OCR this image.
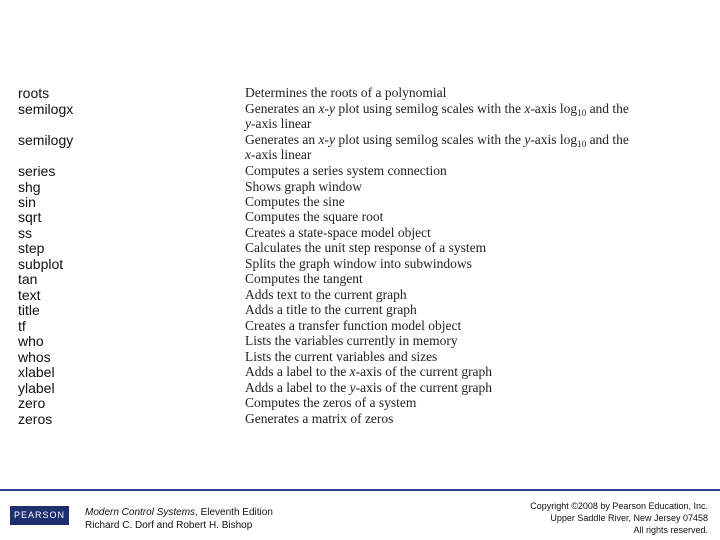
roots	Determines the roots of a polynomial
semilogx	Generates an x-y plot using semilog scales with the x-axis $\log_{10}$ and the
y-axis linear
semilogy	Generates an x-y plot using semilog scales with the y-axis $\log_{10}$ and the
x-axis linear
series	Computes a series system connection
shg	Shows graph window
sin	Computes the sine
sqrt	Computes the square root
ss	Creates a state-space model object
step	Calculates the unit step response of a system
subplot	Splits the graph window into subwindows
tan	Computes the tangent
text	Adds text to the current graph
title	Adds a title to the current graph
tf	Creates a transfer function model object
who	Lists the variables currently in memory
whos	Lists the current variables and sizes
xlabel	Adds a label to the x-axis of the current graph
ylabel	Adds a label to the y-axis of the current graph
zero	Computes the zeros of a system
zeros	Generates a matrix of zeros
PEARSON	Modern Control Systems, Eleventh Edition
Richard C. Dorf and Robert H. Bishop
Copyright ©2008 by Pearson Education, Inc.
Upper Saddle River, New Jersey 07458
All rights reserved.
